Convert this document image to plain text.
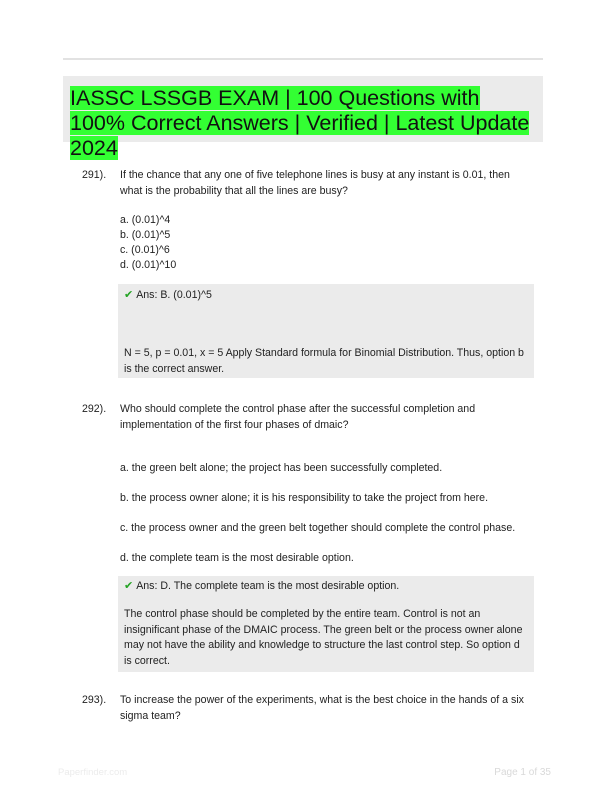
IASSC LSSGB EXAM | 100 Questions with 100% Correct Answers | Verified | Latest Update 2024
291). If the chance that any one of five telephone lines is busy at any instant is 0.01, then what is the probability that all the lines are busy?
a. (0.01)^4
b. (0.01)^5
c. (0.01)^6
d. (0.01)^10
✔ Ans: B. (0.01)^5
N = 5, p = 0.01, x = 5 Apply Standard formula for Binomial Distribution. Thus, option b is the correct answer.
292). Who should complete the control phase after the successful completion and implementation of the first four phases of dmaic?
a. the green belt alone; the project has been successfully completed.
b. the process owner alone; it is his responsibility to take the project from here.
c. the process owner and the green belt together should complete the control phase.
d. the complete team is the most desirable option.
✔ Ans: D. The complete team is the most desirable option.
The control phase should be completed by the entire team. Control is not an insignificant phase of the DMAIC process. The green belt or the process owner alone may not have the ability and knowledge to structure the last control step. So option d is correct.
293). To increase the power of the experiments, what is the best choice in the hands of a six sigma team?
Paperfinder.com	Page 1 of 35
